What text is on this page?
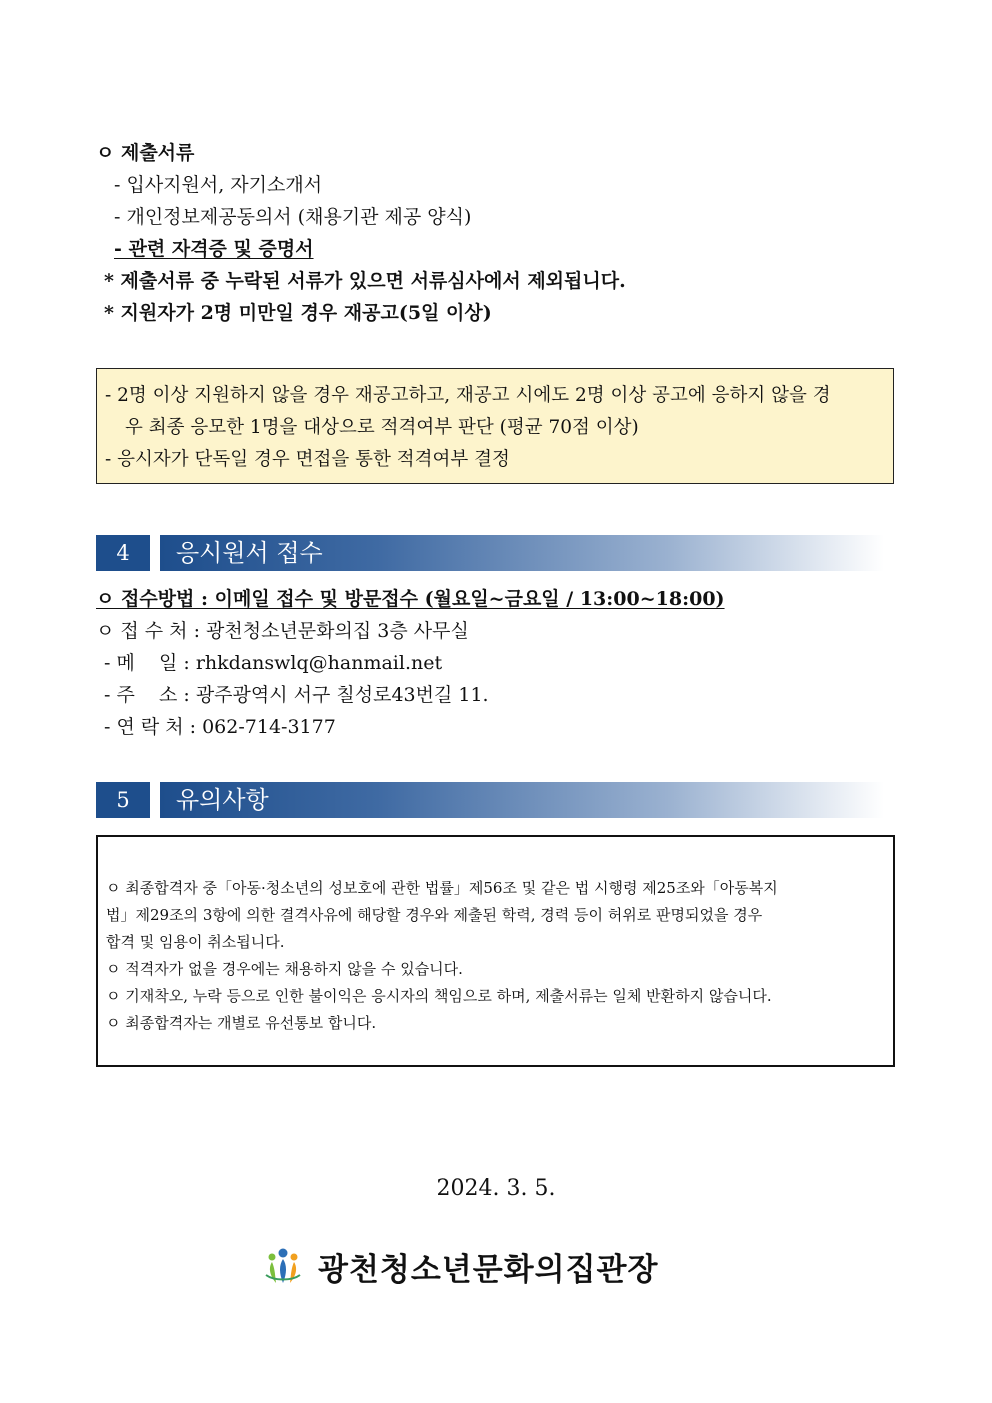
ㅇ 제출서류
- 입사지원서, 자기소개서
- 개인정보제공동의서 (채용기관 제공 양식)
- 관련 자격증 및 증명서
* 제출서류 중 누락된 서류가 있으면 서류심사에서 제외됩니다.
* 지원자가 2명 미만일 경우 재공고(5일 이상)
- 2명 이상 지원하지 않을 경우 재공고하고, 재공고 시에도 2명 이상 공고에 응하지 않을 경
우 최종 응모한 1명을 대상으로 적격여부 판단 (평균 70점 이상)
- 응시자가 단독일 경우 면접을 통한 적격여부 결정
4	응시원서 접수
ㅇ 접수방법 : 이메일 접수 및 방문접수 (월요일~금요일 / 13:00~18:00)
ㅇ 접 수 처 : 광천청소년문화의집 3층 사무실
- 메    일 : rhkdanswlq@hanmail.net
- 주    소 : 광주광역시 서구 칠성로43번길 11.
- 연 락 처 : 062-714-3177
5	유의사항
ㅇ 최종합격자 중「아동·청소년의 성보호에 관한 법률」제56조 및 같은 법 시행령 제25조와「아동복지
법」제29조의 3항에 의한 결격사유에 해당할 경우와 제출된 학력, 경력 등이 허위로 판명되었을 경우
합격 및 임용이 취소됩니다.
ㅇ 적격자가 없을 경우에는 채용하지 않을 수 있습니다.
ㅇ 기재착오, 누락 등으로 인한 불이익은 응시자의 책임으로 하며, 제출서류는 일체 반환하지 않습니다.
ㅇ 최종합격자는 개별로 유선통보 합니다.
2024. 3. 5.
광천청소년문화의집관장
